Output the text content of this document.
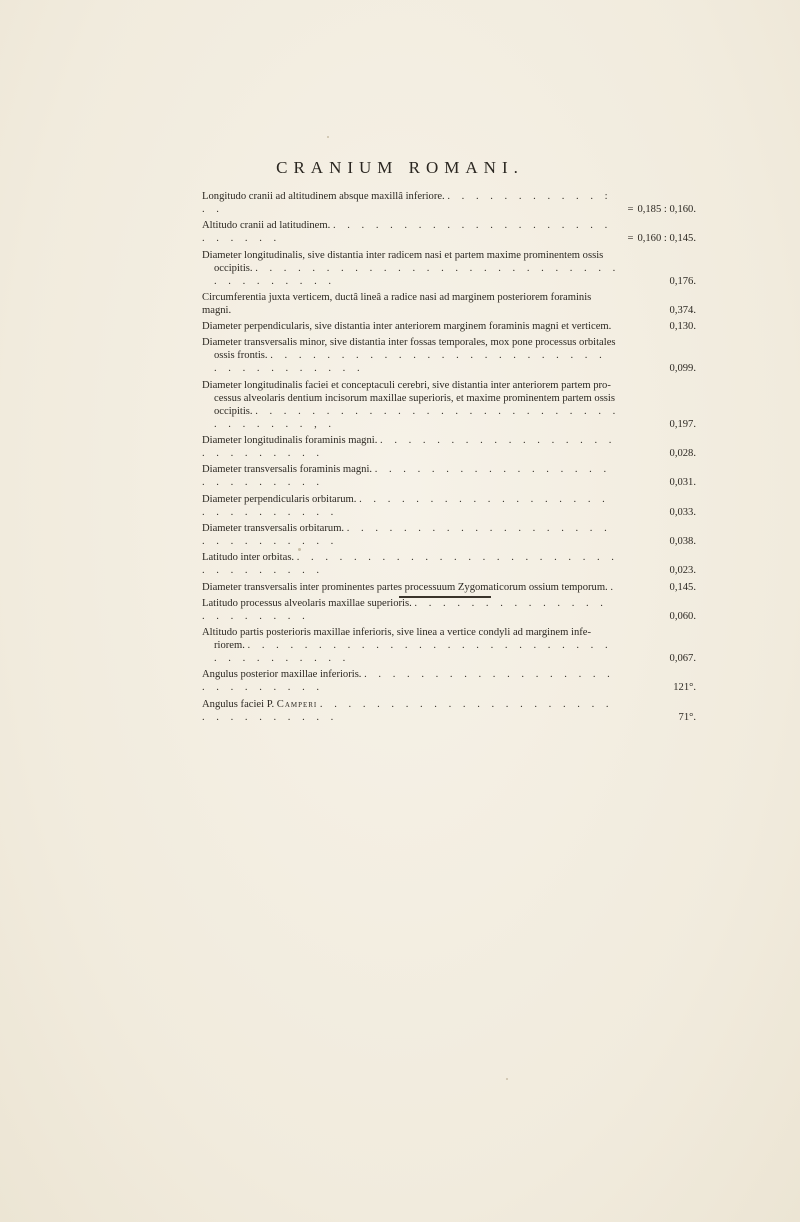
CRANIUM ROMANI.
Longitudo cranii ad altitudinem absque maxillâ inferiore. . . . . . . . . . . . : . .	= 0,185 : 0,160.
Altitudo cranii ad latitudinem. . . . . . . . . . . . . . . . . . . . . . . . . . .	= 0,160 : 0,145.
Diameter longitudinalis, sive distantia inter radicem nasi et partem maxime prominentem ossis
occipitis. . . . . . . . . . . . . . . . . . . . . . . . . . . . . . . . . . . .	0,176.
Circumferentia juxta verticem, ductâ lineâ a radice nasi ad marginem posteriorem foraminis magni.	0,374.
Diameter perpendicularis, sive distantia inter anteriorem marginem foraminis magni et verticem.	0,130.
Diameter transversalis minor, sive distantia inter fossas temporales, mox pone processus orbitales
ossis frontis. . . . . . . . . . . . . . . . . . . . . . . . . . . . . . . . . . . .	0,099.
Diameter longitudinalis faciei et conceptaculi cerebri, sive distantia inter anteriorem partem pro-
cessus alveolaris dentium incisorum maxillae superioris, et maxime prominentem partem ossis
occipitis. . . . . . . . . . . . . . . . . . . . . . . . . . . . . . . . . . , .	0,197.
Diameter longitudinalis foraminis magni. . . . . . . . . . . . . . . . . . . . . . . . . . .	0,028.
Diameter transversalis foraminis magni. . . . . . . . . . . . . . . . . . . . . . . . . . .	0,031.
Diameter perpendicularis orbitarum. . . . . . . . . . . . . . . . . . . . . . . . . . . . .	0,033.
Diameter transversalis orbitarum. . . . . . . . . . . . . . . . . . . . . . . . . . . . . .	0,038.
Latitudo inter orbitas. . . . . . . . . . . . . . . . . . . . . . . . . . . . . . . . .	0,023.
Diameter transversalis inter prominentes partes processuum Zygomaticorum ossium temporum. .	0,145.
Latitudo processus alveolaris maxillae superioris. . . . . . . . . . . . . . . . . . . . . . .	0,060.
Altitudo partis posterioris maxillae inferioris, sive linea a vertice condyli ad marginem infe-
riorem. . . . . . . . . . . . . . . . . . . . . . . . . . . . . . . . . . . . .	0,067.
Angulus posterior maxillae inferioris. . . . . . . . . . . . . . . . . . . . . . . . . . . .	121°.
Angulus faciei P. Camperi . . . . . . . . . . . . . . . . . . . . . . . . . . . . . . .	71°.
